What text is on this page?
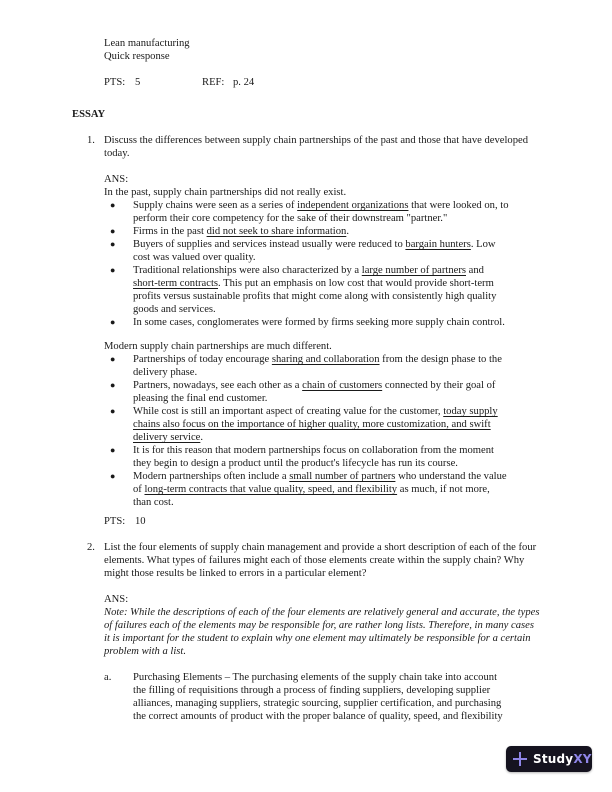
Lean manufacturing
Quick response
PTS: 5	REF: p. 24
ESSAY
1. Discuss the differences between supply chain partnerships of the past and those that have developed
today.
ANS:
In the past, supply chain partnerships did not really exist.
● Supply chains were seen as a series of independent organizations that were looked on, to
perform their core competency for the sake of their downstream "partner."
● Firms in the past did not seek to share information.
● Buyers of supplies and services instead usually were reduced to bargain hunters. Low
cost was valued over quality.
● Traditional relationships were also characterized by a large number of partners and
short-term contracts. This put an emphasis on low cost that would provide short-term
profits versus sustainable profits that might come along with consistently high quality
goods and services.
● In some cases, conglomerates were formed by firms seeking more supply chain control.
Modern supply chain partnerships are much different.
● Partnerships of today encourage sharing and collaboration from the design phase to the
delivery phase.
● Partners, nowadays, see each other as a chain of customers connected by their goal of
pleasing the final end customer.
● While cost is still an important aspect of creating value for the customer, today supply
chains also focus on the importance of higher quality, more customization, and swift
delivery service.
● It is for this reason that modern partnerships focus on collaboration from the moment
they begin to design a product until the product's lifecycle has run its course.
● Modern partnerships often include a small number of partners who understand the value
of long-term contracts that value quality, speed, and flexibility as much, if not more,
than cost.
PTS: 10
2. List the four elements of supply chain management and provide a short description of each of the four
elements. What types of failures might each of those elements create within the supply chain? Why
might those results be linked to errors in a particular element?
ANS:
Note: While the descriptions of each of the four elements are relatively general and accurate, the types
of failures each of the elements may be responsible for, are rather long lists. Therefore, in many cases
it is important for the student to explain why one element may ultimately be responsible for a certain
problem with a list.
a. Purchasing Elements – The purchasing elements of the supply chain take into account
the filling of requisitions through a process of finding suppliers, developing supplier
alliances, managing suppliers, strategic sourcing, supplier certification, and purchasing
the correct amounts of product with the proper balance of quality, speed, and flexibility
StudyXY
